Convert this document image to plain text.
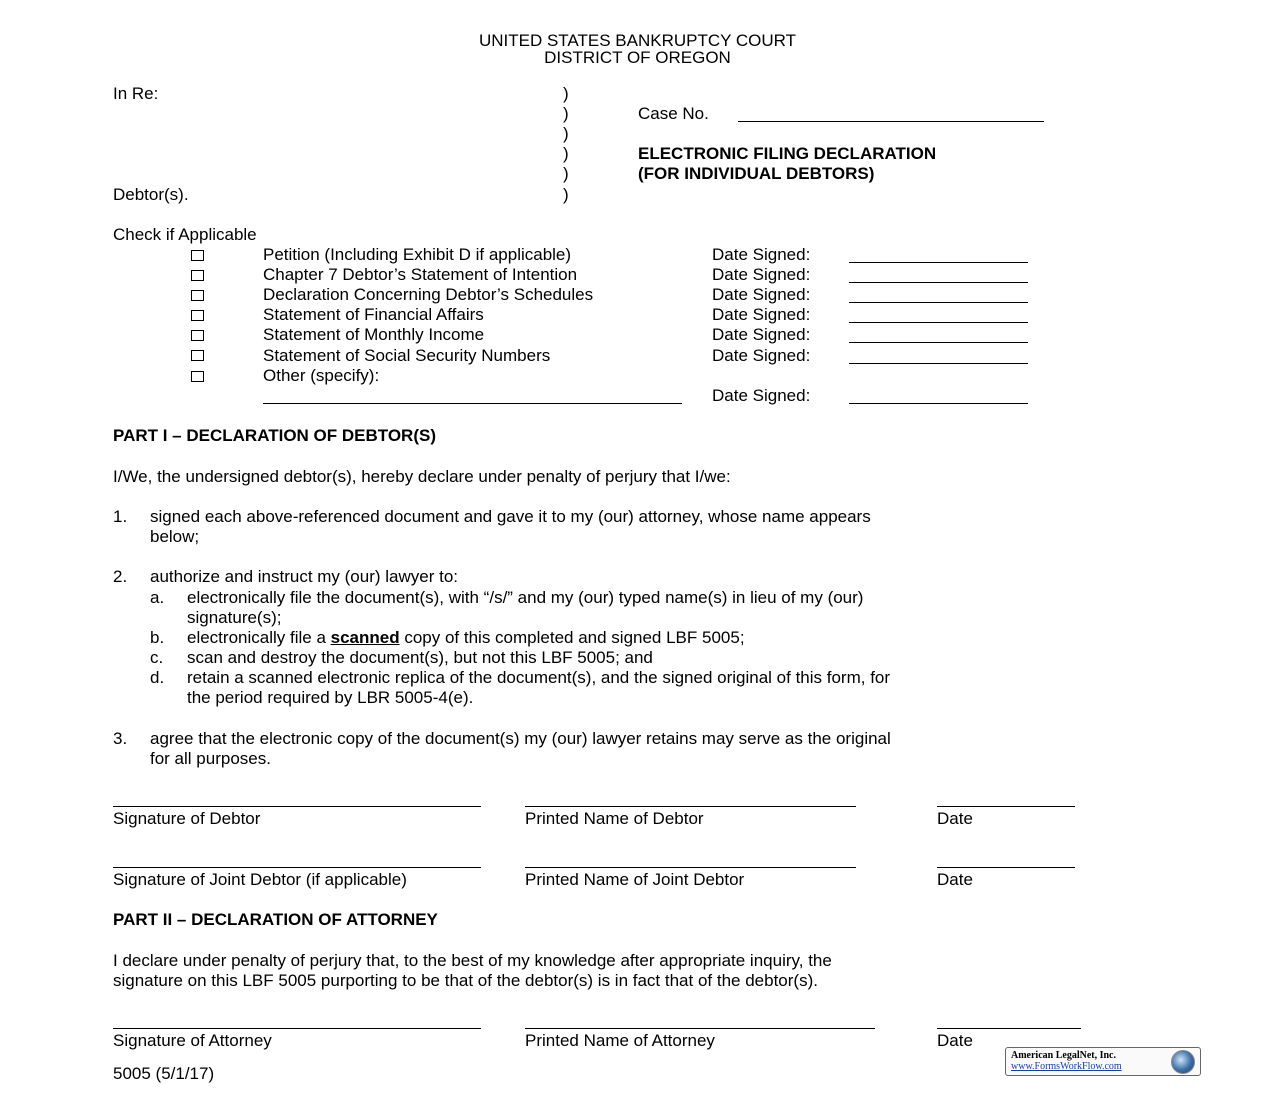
UNITED STATES BANKRUPTCY COURT
DISTRICT OF OREGON
In Re:
Debtor(s).
)
)
)
)
)
)
Case No.
ELECTRONIC FILING DECLARATION
(FOR INDIVIDUAL DEBTORS)
Check if Applicable
Petition (Including Exhibit D if applicable)	Date Signed:
Chapter 7 Debtor’s Statement of Intention	Date Signed:
Declaration Concerning Debtor’s Schedules	Date Signed:
Statement of Financial Affairs	Date Signed:
Statement of Monthly Income	Date Signed:
Statement of Social Security Numbers	Date Signed:
Other (specify):
Date Signed:
PART I – DECLARATION OF DEBTOR(S)
I/We, the undersigned debtor(s), hereby declare under penalty of perjury that I/we:
1. signed each above-referenced document and gave it to my (our) attorney, whose name appears
below;
2. authorize and instruct my (our) lawyer to:
a. electronically file the document(s), with “/s/” and my (our) typed name(s) in lieu of my (our)
signature(s);
b. electronically file a scanned copy of this completed and signed LBF 5005;
c. scan and destroy the document(s), but not this LBF 5005; and
d. retain a scanned electronic replica of the document(s), and the signed original of this form, for
the period required by LBR 5005-4(e).
3. agree that the electronic copy of the document(s) my (our) lawyer retains may serve as the original
for all purposes.
Signature of Debtor	Printed Name of Debtor	Date
Signature of Joint Debtor (if applicable)	Printed Name of Joint Debtor	Date
PART II – DECLARATION OF ATTORNEY
I declare under penalty of perjury that, to the best of my knowledge after appropriate inquiry, the
signature on this LBF 5005 purporting to be that of the debtor(s) is in fact that of the debtor(s).
Signature of Attorney	Printed Name of Attorney	Date
5005 (5/1/17)
American LegalNet, Inc.
www.FormsWorkFlow.com
